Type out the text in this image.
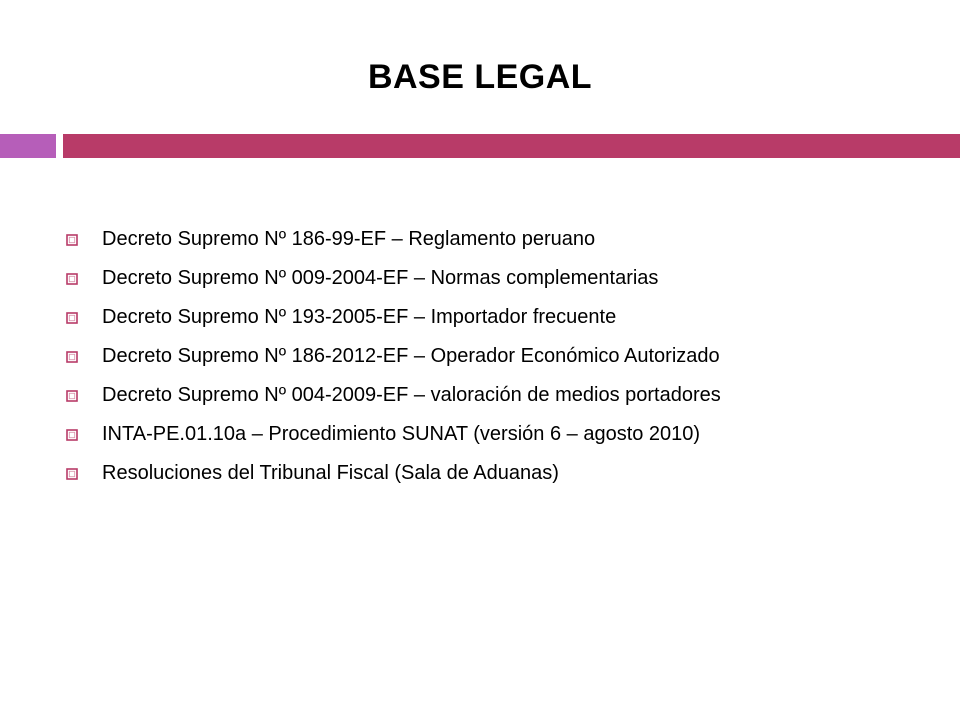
BASE LEGAL
Decreto Supremo Nº 186-99-EF – Reglamento peruano
Decreto Supremo Nº 009-2004-EF – Normas complementarias
Decreto Supremo Nº 193-2005-EF – Importador frecuente
Decreto Supremo Nº 186-2012-EF – Operador Económico Autorizado
Decreto Supremo Nº 004-2009-EF – valoración de medios portadores
INTA-PE.01.10a – Procedimiento SUNAT (versión 6 – agosto 2010)
Resoluciones del Tribunal Fiscal (Sala de Aduanas)
